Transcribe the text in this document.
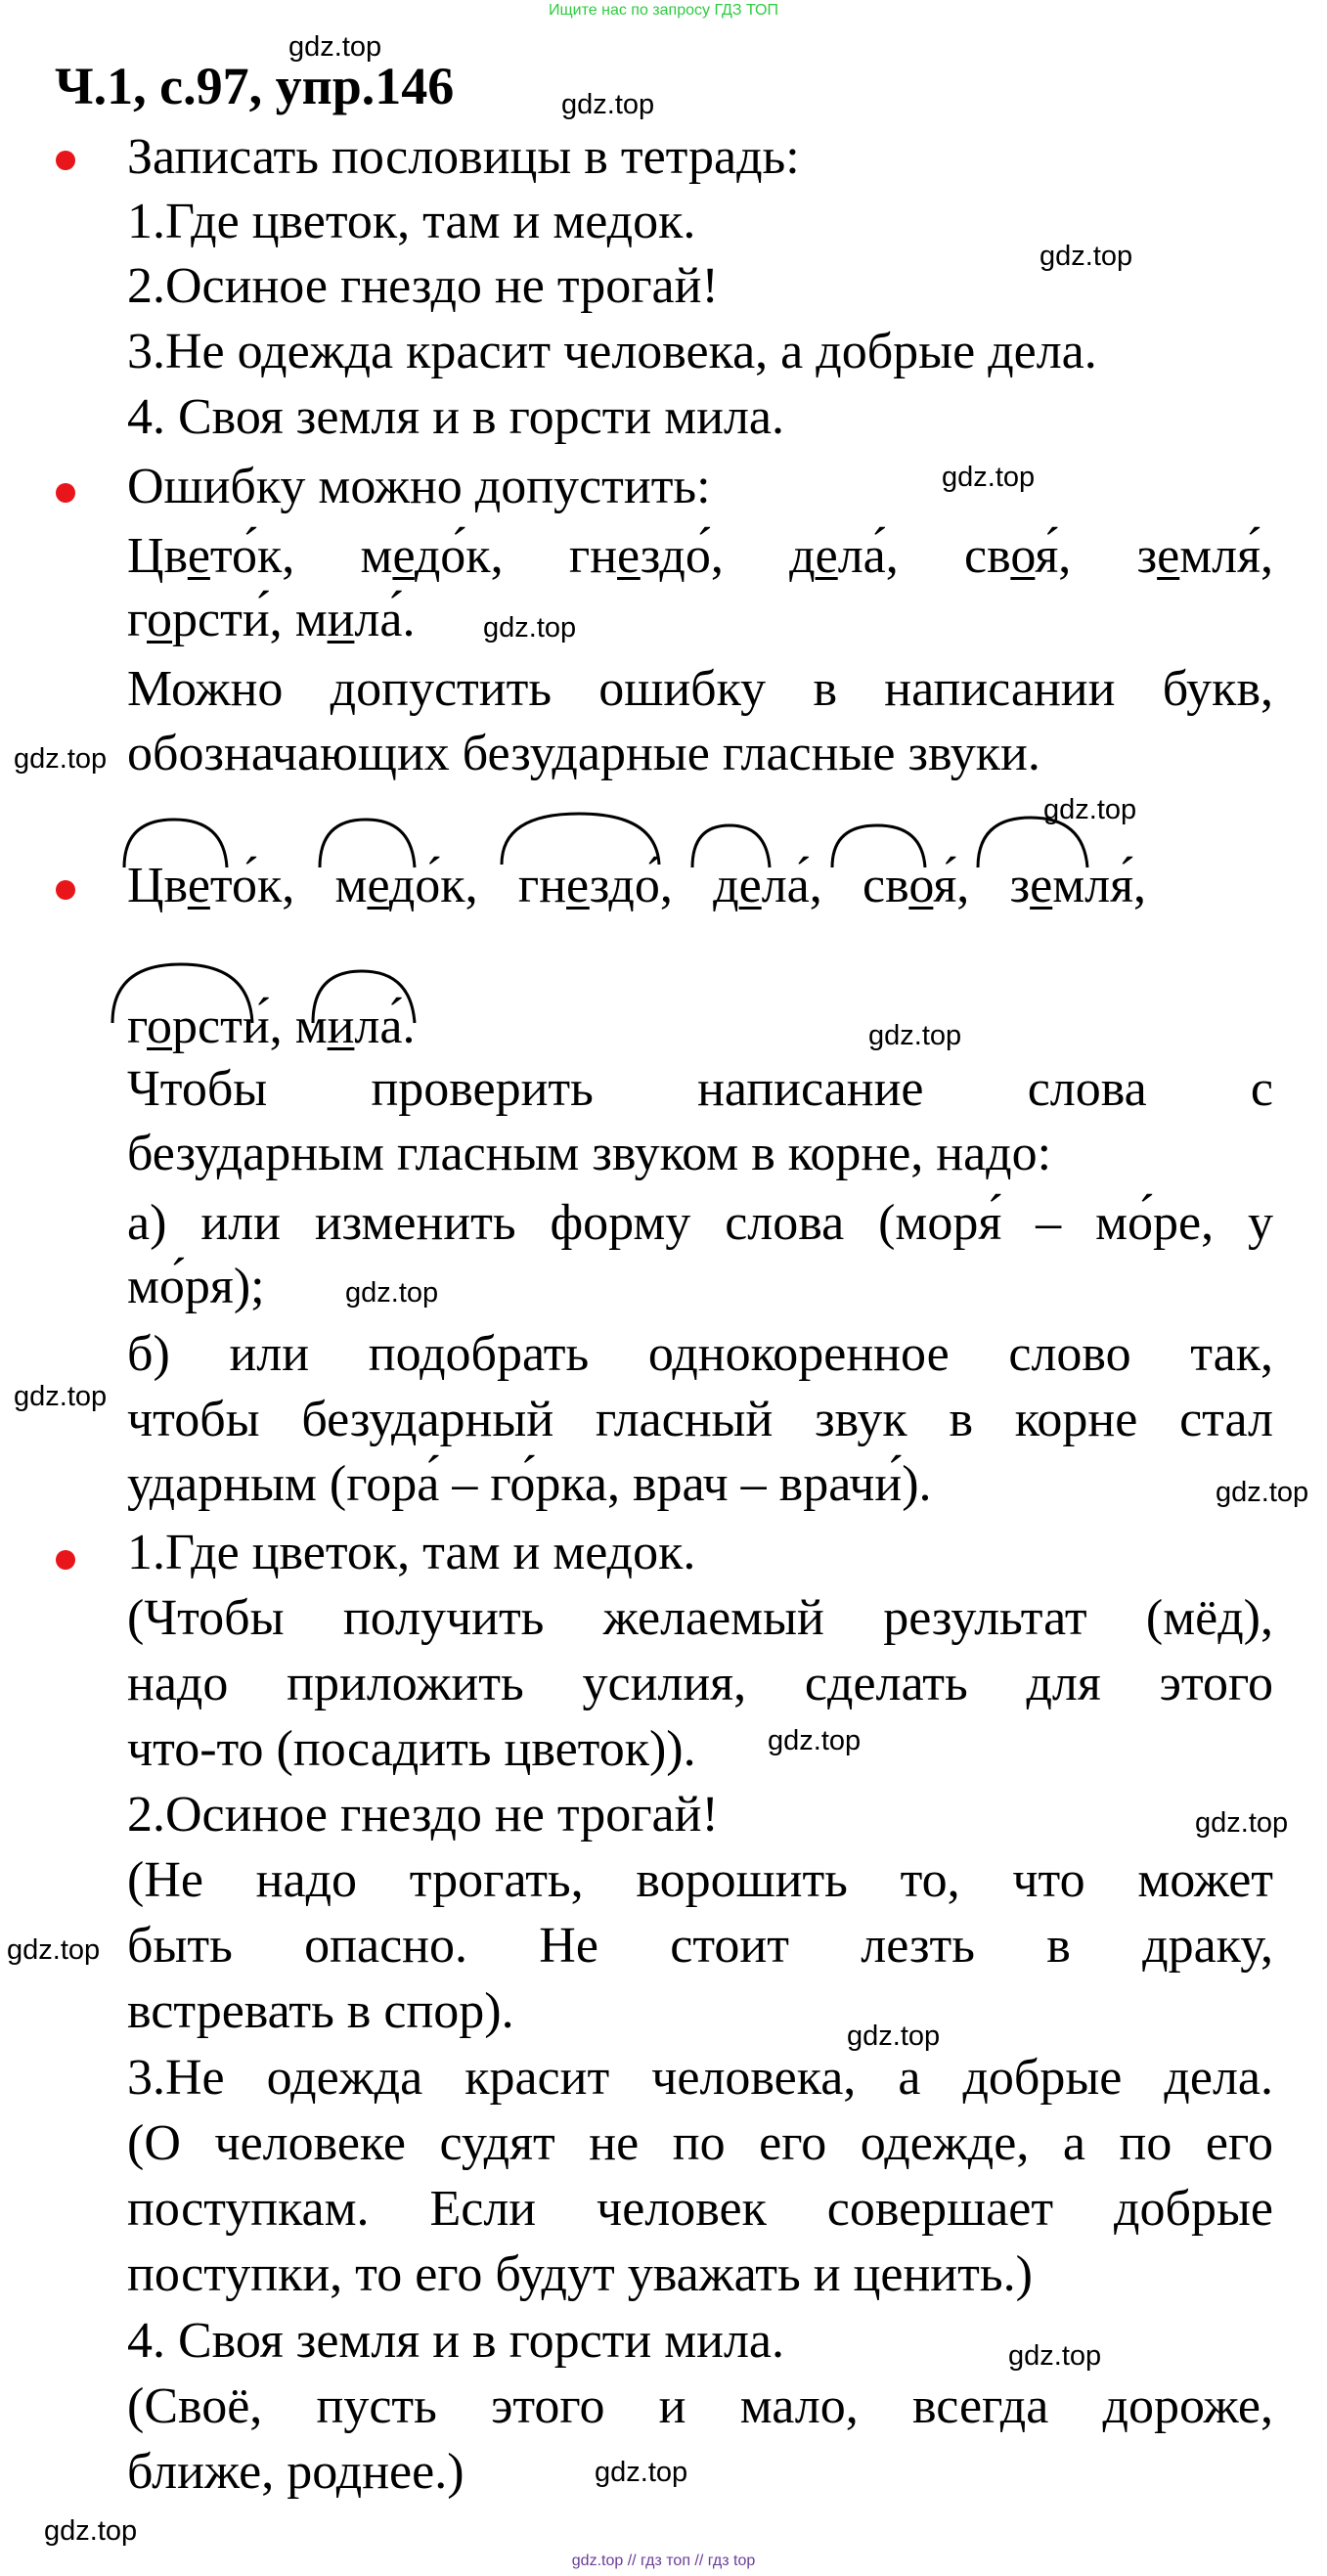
Ищите нас по запросу ГДЗ ТОП
Ч.1, с.97, упр.146
gdz.top
gdz.top
gdz.top
gdz.top
gdz.top
gdz.top
gdz.top
gdz.top
gdz.top
gdz.top
gdz.top
gdz.top
gdz.top
gdz.top
gdz.top
gdz.top
gdz.top
gdz.top
Записать пословицы в тетрадь:
1.Где цветок, там и медок.
2.Осиное гнездо не трогай!
3.Не одежда красит человека, а добрые дела.
4. Своя земля и в горсти мила.
Ошибку можно допустить:
Цвето́к, медо́к, гнездо́, дела́, своя́, земля́,
горсти́, мила́.
Можно допустить ошибку в написании букв,
обозначающих безударные гласные звуки.
Цвето́к, медо́к, гнездо́, дела́, своя́, земля́,
горсти́, мила́.
Чтобы проверить написание слова с
безударным гласным звуком в корне, надо:
а) или изменить форму слова (моря́ – мо́ре, у
мо́ря);
б) или подобрать однокоренное слово так,
чтобы безударный гласный звук в корне стал
ударным (гора́ – го́рка, врач – врачи́).
1.Где цветок, там и медок.
(Чтобы получить желаемый результат (мёд),
надо приложить усилия, сделать для этого
что-то (посадить цветок)).
2.Осиное гнездо не трогай!
(Не надо трогать, ворошить то, что может
быть опасно. Не стоит лезть в драку,
встревать в спор).
3.Не одежда красит человека, а добрые дела.
(О человеке судят не по его одежде, а по его
поступкам. Если человек совершает добрые
поступки, то его будут уважать и ценить.)
4. Своя земля и в горсти мила.
(Своё, пусть этого и мало, всегда дороже,
ближе, роднее.)
gdz.top // гдз топ // гдз top
